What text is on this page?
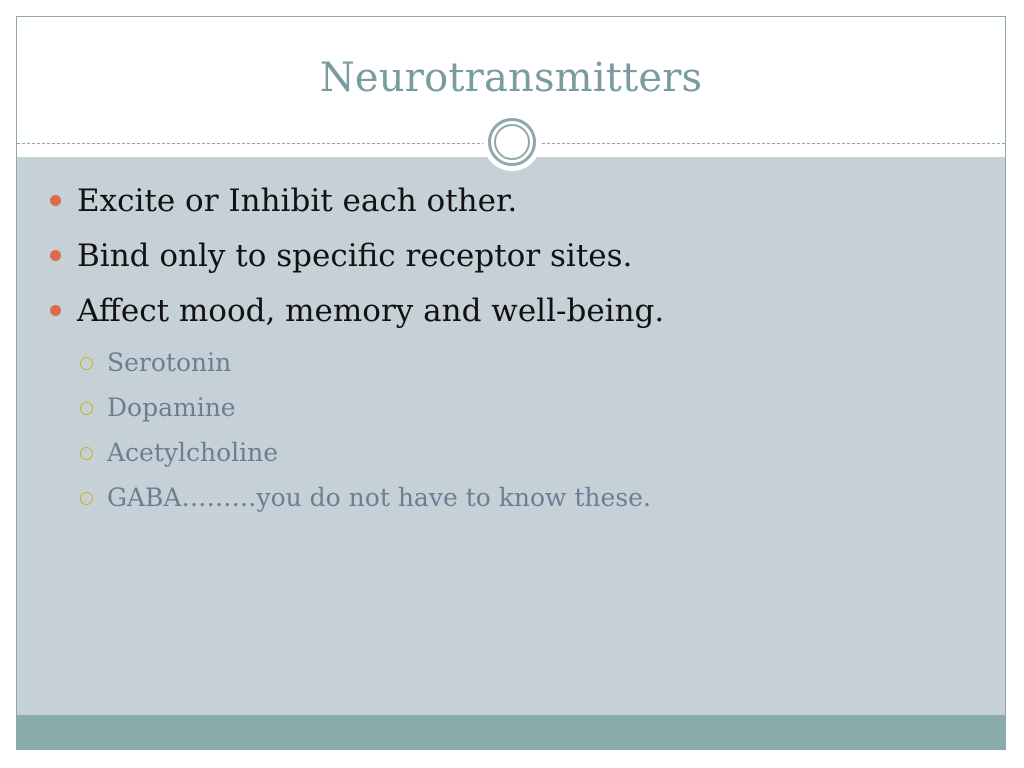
Neurotransmitters
Excite or Inhibit each other.
Bind only to specific receptor sites.
Affect mood, memory and well-being.
Serotonin
Dopamine
Acetylcholine
GABA………you do not have to know these.
